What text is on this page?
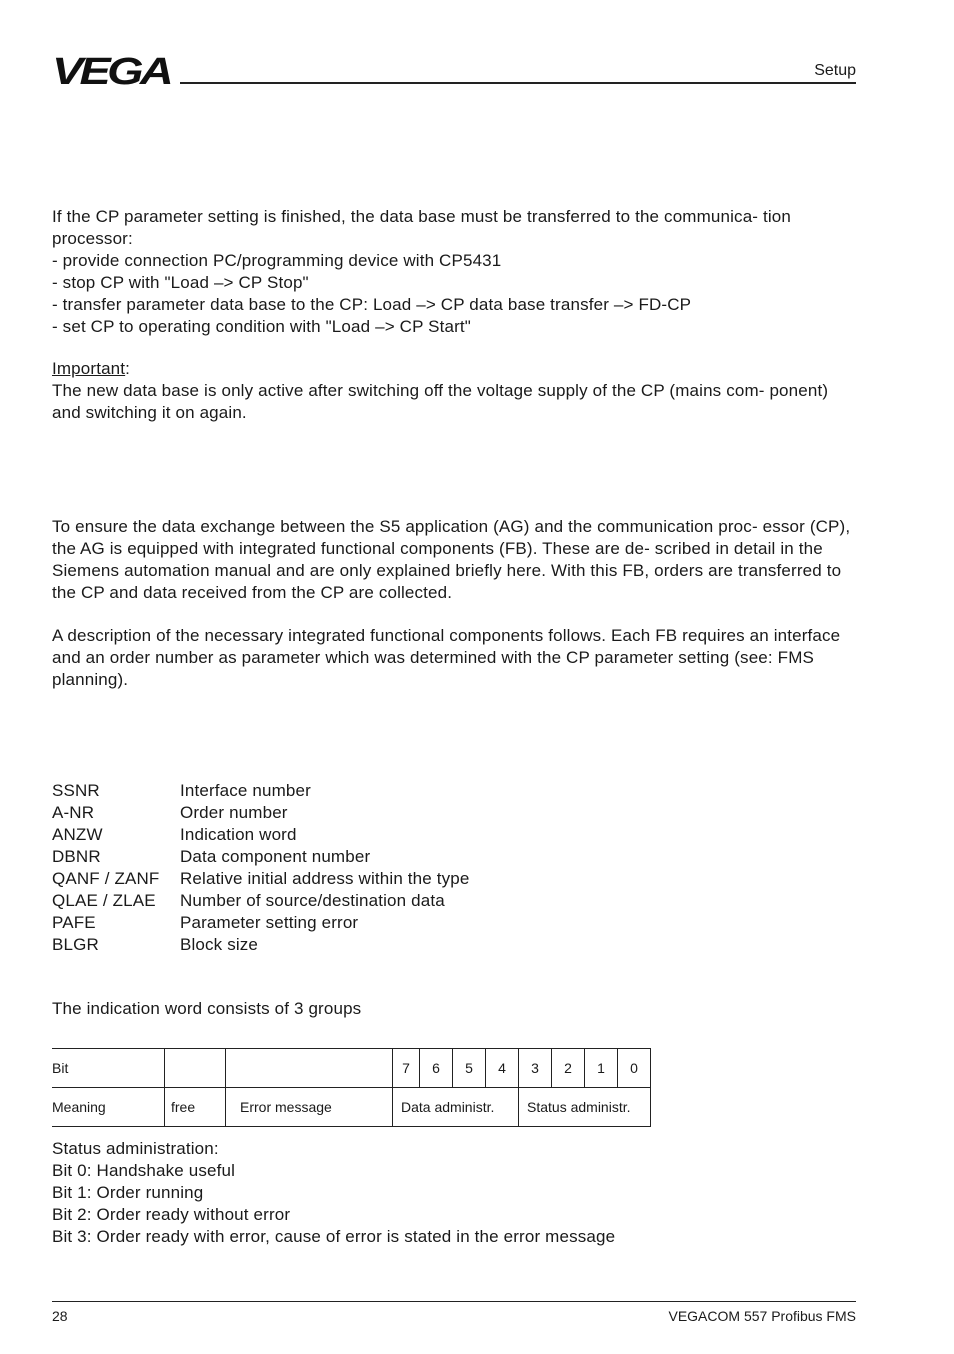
VEGA	Setup

If the CP parameter setting is finished, the data base must be transferred to the communica- tion processor:

- provide connection PC/programming device with CP5431

- stop CP with "Load –> CP Stop"

- transfer parameter data base to the CP: Load –> CP data base transfer –> FD-CP

- set CP to operating condition with "Load –> CP Start"

Important:

The new data base is only active after switching off the voltage supply of the CP (mains com- ponent) and switching it on again.

To ensure the data exchange between the S5 application (AG) and the communication proc- essor (CP), the AG is equipped with integrated functional components (FB). These are de- scribed in detail in the Siemens automation manual and are only explained briefly here. With this FB, orders are transferred to the CP and data received from the CP are collected.
A description of the necessary integrated functional components follows. Each FB requires an interface and an order number as parameter which was determined with the CP parameter setting (see: FMS planning).
SSNR	Interface number
A-NR	Order number
ANZW	Indication word
DBNR	Data component number
QANF / ZANF	Relative initial address within the type
QLAE / ZLAE	Number of source/destination data
PAFE	Parameter setting error
BLGR	Block size
The indication word consists of 3 groups
Bit			7	6	5	4	3	2	1	0
Meaning	free	Error message	Data administr.				Status administr.			

Status administration:

Bit 0: Handshake useful

Bit 1: Order running

Bit 2: Order ready without error

Bit 3: Order ready with error, cause of error is stated in the error message

28	VEGACOM 557 Profibus FMS
